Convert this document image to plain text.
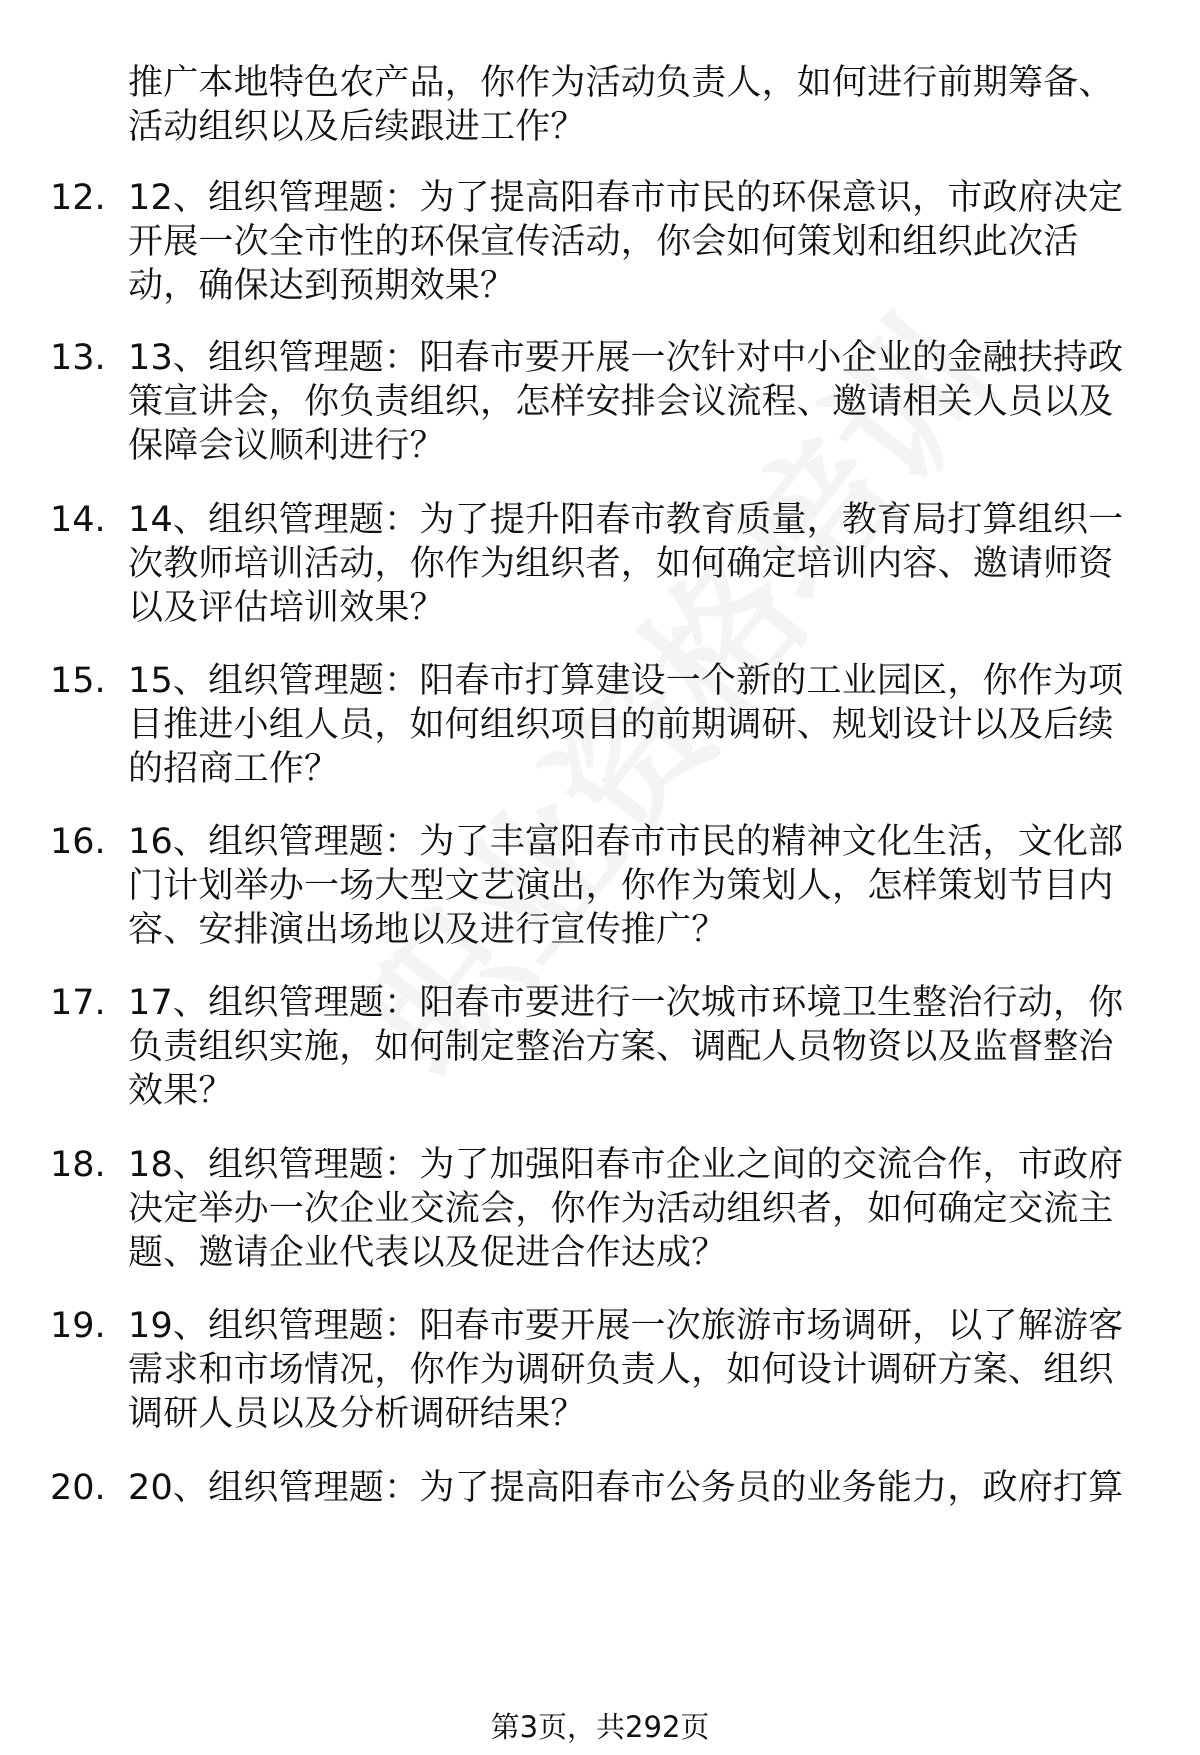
推广本地特色农产品，你作为活动负责人，如何进行前期筹备、
活动组织以及后续跟进工作？
12. 12、组织管理题：为了提高阳春市市民的环保意识，市政府决定
开展一次全市性的环保宣传活动，你会如何策划和组织此次活
动，确保达到预期效果？
13. 13、组织管理题：阳春市要开展一次针对中小企业的金融扶持政
策宣讲会，你负责组织，怎样安排会议流程、邀请相关人员以及
保障会议顺利进行？
14. 14、组织管理题：为了提升阳春市教育质量，教育局打算组织一
次教师培训活动，你作为组织者，如何确定培训内容、邀请师资
以及评估培训效果？
15. 15、组织管理题：阳春市打算建设一个新的工业园区，你作为项
目推进小组人员，如何组织项目的前期调研、规划设计以及后续
的招商工作？
16. 16、组织管理题：为了丰富阳春市市民的精神文化生活，文化部
门计划举办一场大型文艺演出，你作为策划人，怎样策划节目内
容、安排演出场地以及进行宣传推广？
17. 17、组织管理题：阳春市要进行一次城市环境卫生整治行动，你
负责组织实施，如何制定整治方案、调配人员物资以及监督整治
效果？
18. 18、组织管理题：为了加强阳春市企业之间的交流合作，市政府
决定举办一次企业交流会，你作为活动组织者，如何确定交流主
题、邀请企业代表以及促进合作达成？
19. 19、组织管理题：阳春市要开展一次旅游市场调研，以了解游客
需求和市场情况，你作为调研负责人，如何设计调研方案、组织
调研人员以及分析调研结果？
20. 20、组织管理题：为了提高阳春市公务员的业务能力，政府打算
第3页，共292页
